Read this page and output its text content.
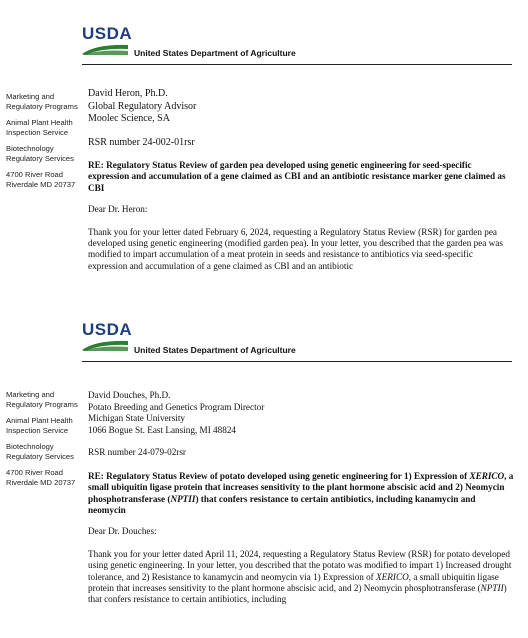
USDA
United States Department of Agriculture
Marketing and Regulatory Programs
Animal Plant Health Inspection Service
Biotechnology Regulatory Services
4700 River Road Riverdale MD 20737
David Heron, Ph.D.
Global Regulatory Advisor
Moolec Science, SA
RSR number 24-002-01rsr
RE: Regulatory Status Review of garden pea developed using genetic engineering for seed-specific expression and accumulation of a gene claimed as CBI and an antibiotic resistance marker gene claimed as CBI
Dear Dr. Heron:

Thank you for your letter dated February 6, 2024, requesting a Regulatory Status Review (RSR) for garden pea developed using genetic engineering (modified garden pea). In your letter, you described that the garden pea was modified to impart accumulation of a meat protein in seeds and resistance to antibiotics via seed-specific expression and accumulation of a gene claimed as CBI and an antibiotic

USDA
United States Department of Agriculture
Marketing and Regulatory Programs
Animal Plant Health Inspection Service
Biotechnology Regulatory Services
4700 River Road Riverdale MD 20737
David Douches, Ph.D.
Potato Breeding and Genetics Program Director
Michigan State University
1066 Bogue St. East Lansing, MI 48824
RSR number 24-079-02rsr
RE: Regulatory Status Review of potato developed using genetic engineering for 1) Expression of XERICO, a small ubiquitin ligase protein that increases sensitivity to the plant hormone abscisic acid and 2) Neomycin phosphotransferase (NPTII) that confers resistance to certain antibiotics, including kanamycin and neomycin
Dear Dr. Douches:

Thank you for your letter dated April 11, 2024, requesting a Regulatory Status Review (RSR) for potato developed using genetic engineering. In your letter, you described that the potato was modified to impart 1) Increased drought tolerance, and 2) Resistance to kanamycin and neomycin via 1) Expression of XERICO, a small ubiquitin ligase protein that increases sensitivity to the plant hormone abscisic acid, and 2) Neomycin phosphotransferase (NPTII) that confers resistance to certain antibiotics, including
